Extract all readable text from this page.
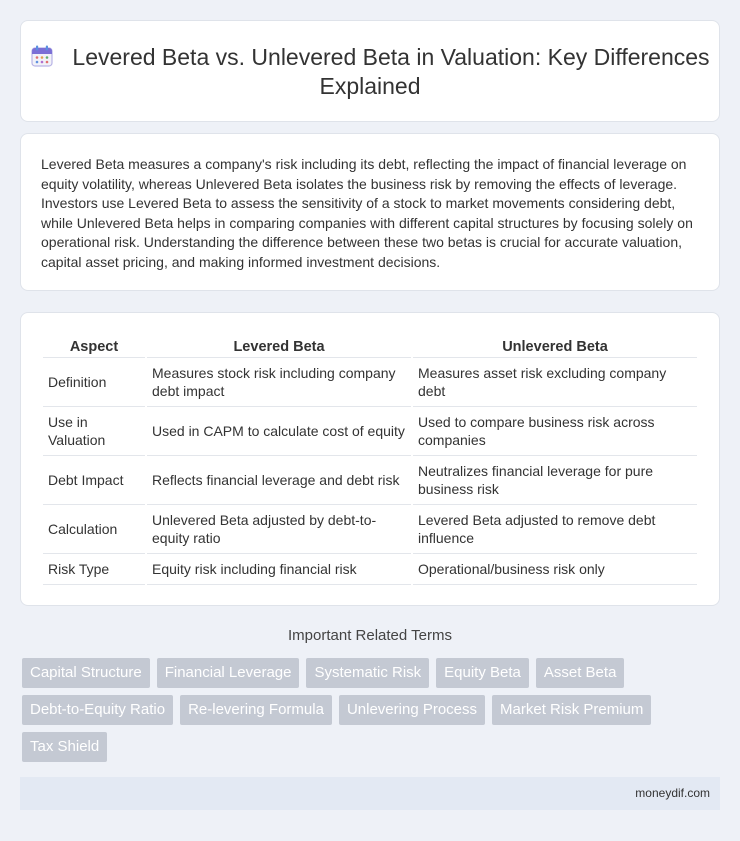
Levered Beta vs. Unlevered Beta in Valuation: Key Differences Explained

Levered Beta measures a company's risk including its debt, reflecting the impact of financial leverage on equity volatility, whereas Unlevered Beta isolates the business risk by removing the effects of leverage. Investors use Levered Beta to assess the sensitivity of a stock to market movements considering debt, while Unlevered Beta helps in comparing companies with different capital structures by focusing solely on operational risk. Understanding the difference between these two betas is crucial for accurate valuation, capital asset pricing, and making informed investment decisions.

Aspect	Levered Beta	Unlevered Beta
Definition	Measures stock risk including company debt impact	Measures asset risk excluding company debt
Use in Valuation	Used in CAPM to calculate cost of equity	Used to compare business risk across companies
Debt Impact	Reflects financial leverage and debt risk	Neutralizes financial leverage for pure business risk
Calculation	Unlevered Beta adjusted by debt-to-equity ratio	Levered Beta adjusted to remove debt influence
Risk Type	Equity risk including financial risk	Operational/business risk only
Important Related Terms
Capital Structure	Financial Leverage	Systematic Risk	Equity Beta	Asset Beta
Debt-to-Equity Ratio	Re-levering Formula	Unlevering Process	Market Risk Premium
Tax Shield
moneydif.com
